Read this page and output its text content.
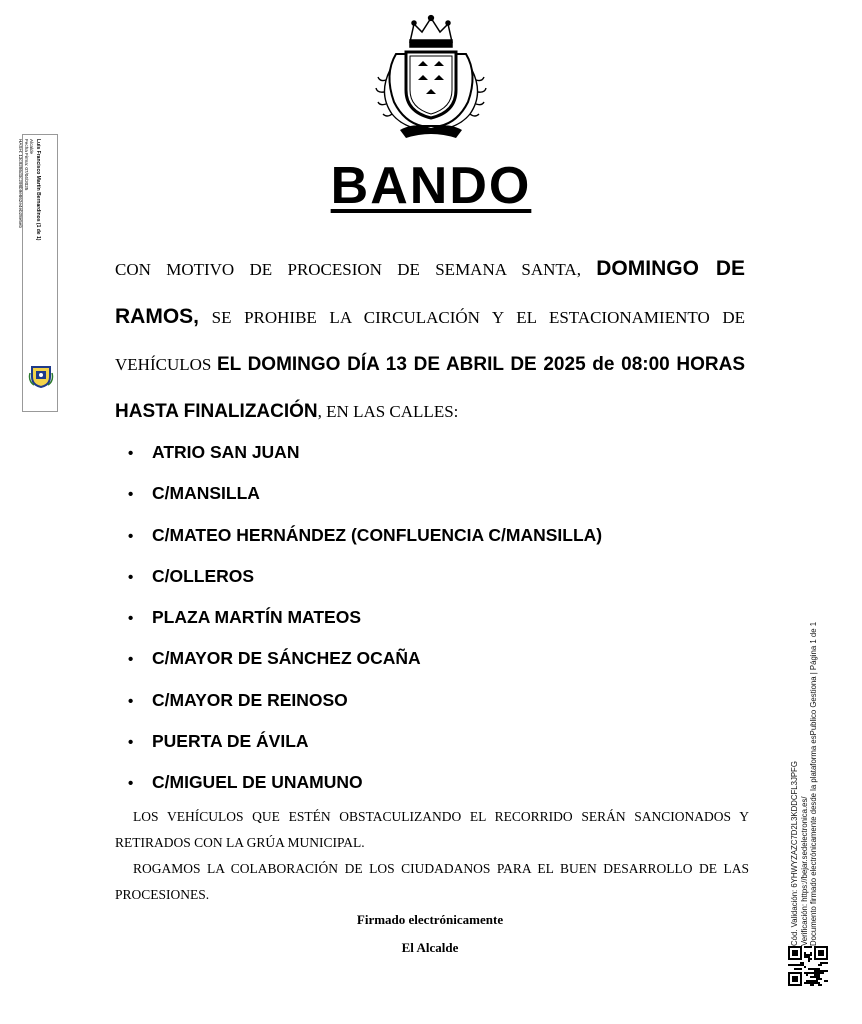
BANDO
CON MOTIVO DE PROCESION DE SEMANA SANTA, DOMINGO DE RAMOS, SE PROHIBE LA CIRCULACIÓN Y EL ESTACIONAMIENTO DE VEHÍCULOS EL DOMINGO DÍA 13 DE ABRIL DE 2025 de 08:00 HORAS HASTA FINALIZACIÓN, EN LAS CALLES:
• ATRIO SAN JUAN
• C/MANSILLA
• C/MATEO HERNÁNDEZ (CONFLUENCIA C/MANSILLA)
• C/OLLEROS
• PLAZA MARTÍN MATEOS
• C/MAYOR DE SÁNCHEZ OCAÑA
• C/MAYOR DE REINOSO
• PUERTA DE ÁVILA
• C/MIGUEL DE UNAMUNO
LOS VEHÍCULOS QUE ESTÉN OBSTACULIZANDO EL RECORRIDO SERÁN SANCIONADOS Y RETIRADOS CON LA GRÚA MUNICIPAL.
ROGAMOS LA COLABORACIÓN DE LOS CIUDADANOS PARA EL BUEN DESARROLLO DE LAS PROCESIONES.
Firmado electrónicamente
El Alcalde
Luis Francisco Martín Bernardinos (1 de 1)
Alcalde
Fecha Firma: 07/04/2025
HASH: 13c9286d3c298b9e862e4eb28e5eb
Cód. Validación: 6YHWYZAZC7D2L3KDDCFL3JPFG Verificación: https://bejar.sedelectronica.es/ Documento firmado electrónicamente desde la plataforma esPublico Gestiona | Página 1 de 1
